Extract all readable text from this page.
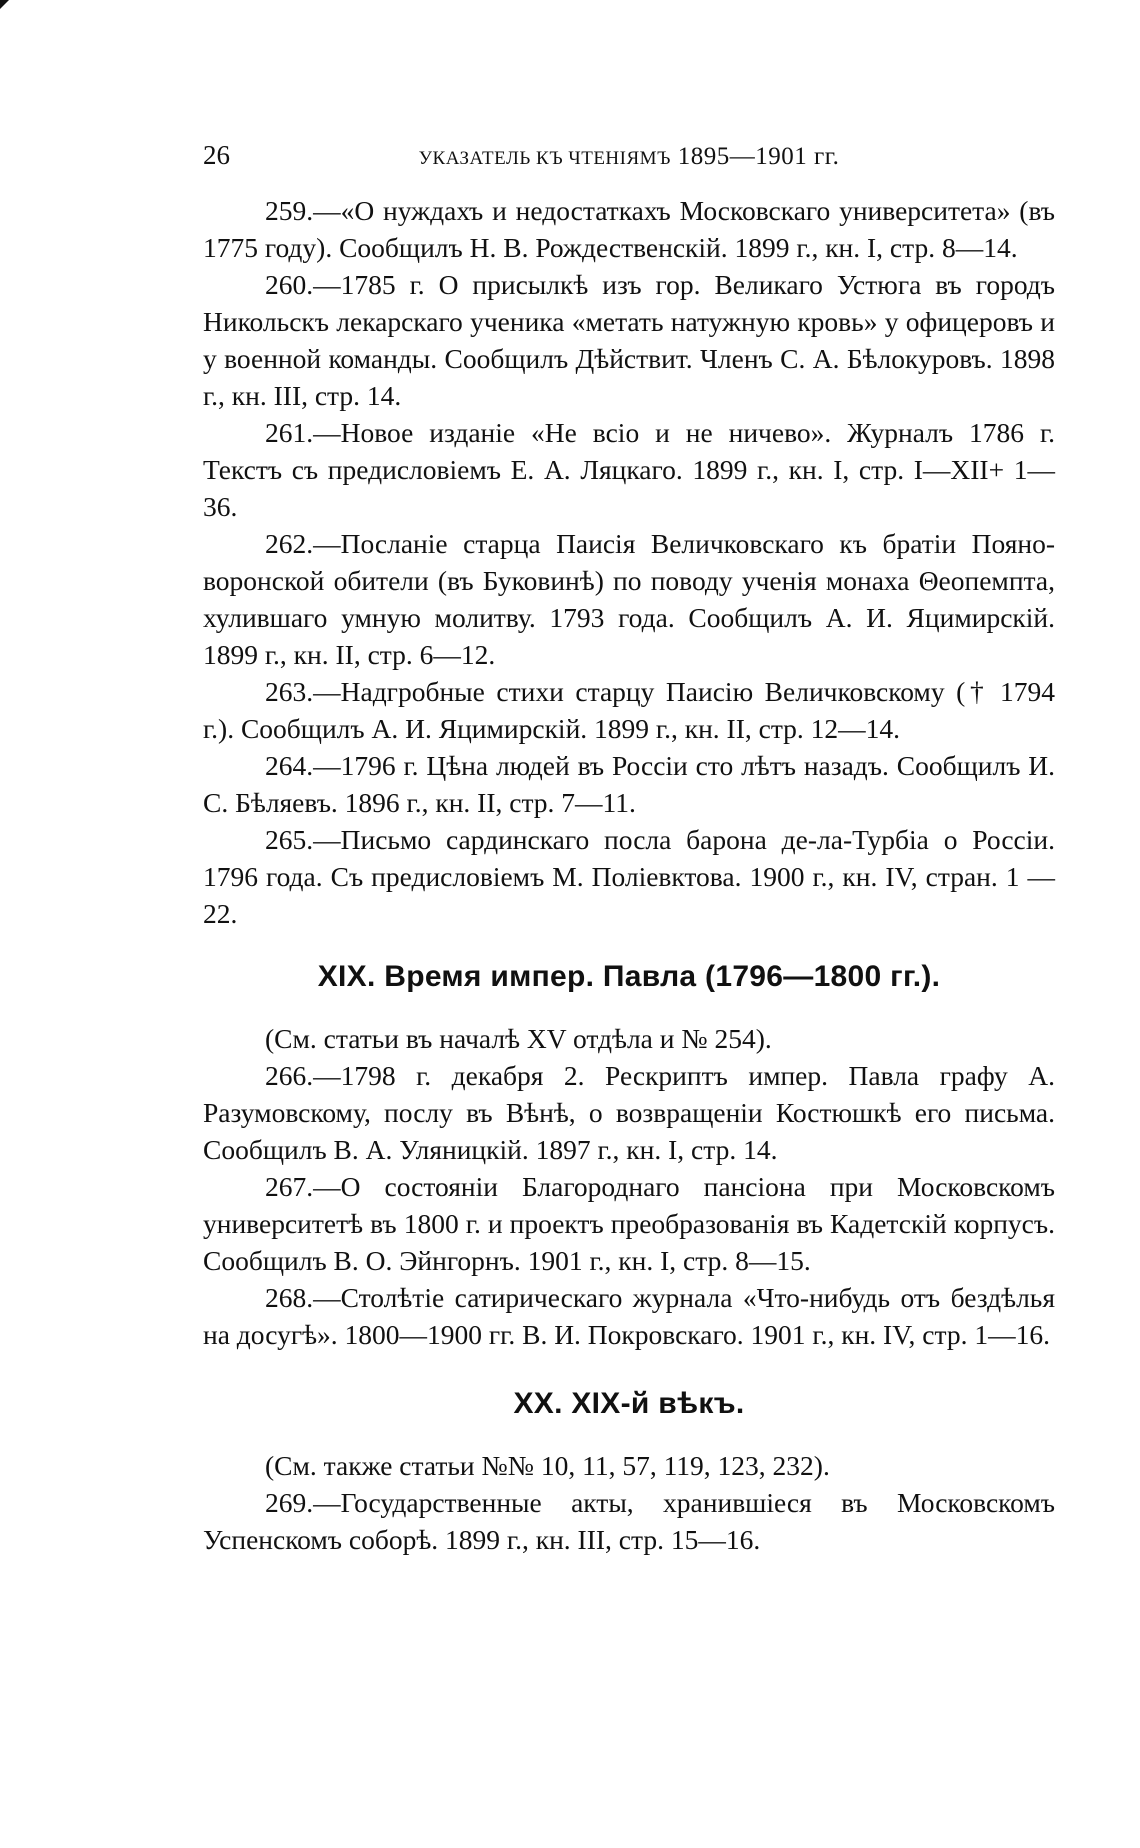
26	УКАЗАТЕЛЬ КЪ ЧТЕНІЯМЪ 1895—1901 гг.

259.—«О нуждахъ и недостаткахъ Московскаго университета» (въ 1775 году). Сообщилъ Н. В. Рождественскій. 1899 г., кн. I, стр. 8—14.

260.—1785 г. О присылкѣ изъ гор. Великаго Устюга въ городъ Никольскъ лекарскаго ученика «метать натужную кровь» у офицеровъ и у военной команды. Сообщилъ Дѣйствит. Членъ С. А. Бѣлокуровъ. 1898 г., кн. III, стр. 14.

261.—Новое изданіе «Не всіо и не ничево». Журналъ 1786 г. Текстъ съ предисловіемъ Е. А. Ляцкаго. 1899 г., кн. I, стр. I—XII+ 1—36.

262.—Посланіе старца Паисія Величковскаго къ братіи Поянo-воронской обители (въ Буковинѣ) по поводу ученія монаха Θеопемпта, хулившаго умную молитву. 1793 года. Сообщилъ А. И. Яцимирскій. 1899 г., кн. II, стр. 6—12.

263.—Надгробные стихи старцу Паисію Величковскому († 1794 г.). Сообщилъ А. И. Яцимирскій. 1899 г., кн. II, стр. 12—14.

264.—1796 г. Цѣна людей въ Россіи сто лѣтъ назадъ. Сообщилъ И. С. Бѣляевъ. 1896 г., кн. II, стр. 7—11.

265.—Письмо сардинскаго посла барона де-ла-Турбіа о Россіи. 1796 года. Съ предисловіемъ М. Поліевктова. 1900 г., кн. IV, стран. 1 — 22.

XIX. Время импер. Павла (1796—1800 гг.).

(См. статьи въ началѣ XV отдѣла и № 254).

266.—1798 г. декабря 2. Рескриптъ импер. Павла графу А. Разумовскому, послу въ Вѣнѣ, о возвращеніи Костюшкѣ его письма. Сообщилъ В. А. Уляницкій. 1897 г., кн. I, стр. 14.

267.—О состояніи Благороднаго пансіона при Московскомъ университетѣ въ 1800 г. и проектъ преобразованія въ Кадетскій корпусъ. Сообщилъ В. О. Эйнгорнъ. 1901 г., кн. I, стр. 8—15.

268.—Столѣтіе сатирическаго журнала «Что-нибудь отъ бездѣлья на досугѣ». 1800—1900 гг. В. И. Покровскаго. 1901 г., кн. IV, стр. 1—16.

XX. XIX-й вѣкъ.

(См. также статьи №№ 10, 11, 57, 119, 123, 232).

269.—Государственные акты, хранившіеся въ Московскомъ Успенскомъ соборѣ. 1899 г., кн. III, стр. 15—16.
